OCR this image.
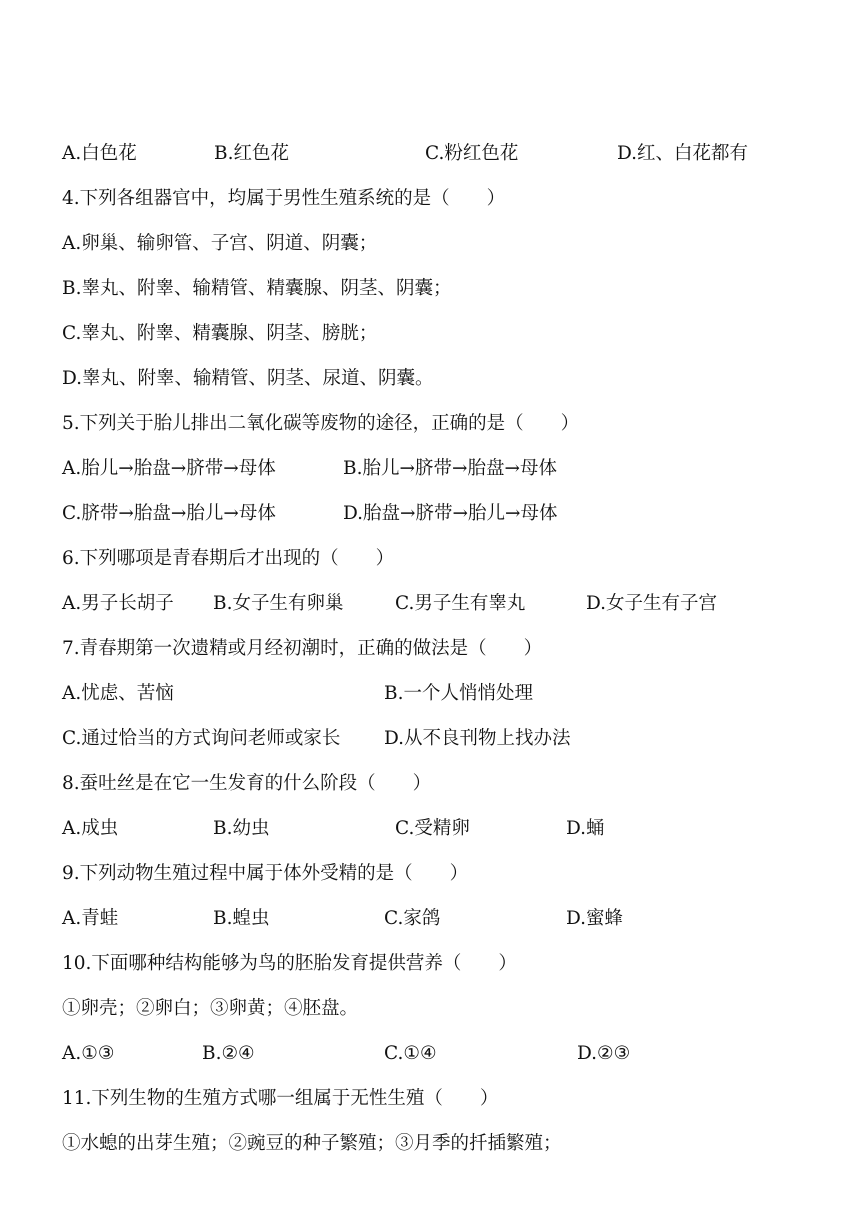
A.白色花	B.红色花	C.粉红色花	D.红、白花都有
4.下列各组器官中，均属于男性生殖系统的是（　　）
A.卵巢、输卵管、子宫、阴道、阴囊；
B.睾丸、附睾、输精管、精囊腺、阴茎、阴囊；
C.睾丸、附睾、精囊腺、阴茎、膀胱；
D.睾丸、附睾、输精管、阴茎、尿道、阴囊。
5.下列关于胎儿排出二氧化碳等废物的途径，正确的是（　　）
A.胎儿→胎盘→脐带→母体	B.胎儿→脐带→胎盘→母体
C.脐带→胎盘→胎儿→母体	D.胎盘→脐带→胎儿→母体
6.下列哪项是青春期后才出现的（　　）
A.男子长胡子 B.女子生有卵巢	C.男子生有睾丸	D.女子生有子宫
7.青春期第一次遗精或月经初潮时，正确的做法是（　　）
A.忧虑、苦恼	B.一个人悄悄处理
C.通过恰当的方式询问老师或家长 D.从不良刊物上找办法
8.蚕吐丝是在它一生发育的什么阶段（　　）
A.成虫	B.幼虫	C.受精卵	D.蛹
9.下列动物生殖过程中属于体外受精的是（　　）
A.青蛙	B.蝗虫	C.家鸽	D.蜜蜂
10.下面哪种结构能够为鸟的胚胎发育提供营养（　　）
①卵壳；②卵白；③卵黄；④胚盘。
A.①③	B.②④	C.①④	D.②③
11.下列生物的生殖方式哪一组属于无性生殖（　　）
①水螅的出芽生殖；②豌豆的种子繁殖；③月季的扦插繁殖；
